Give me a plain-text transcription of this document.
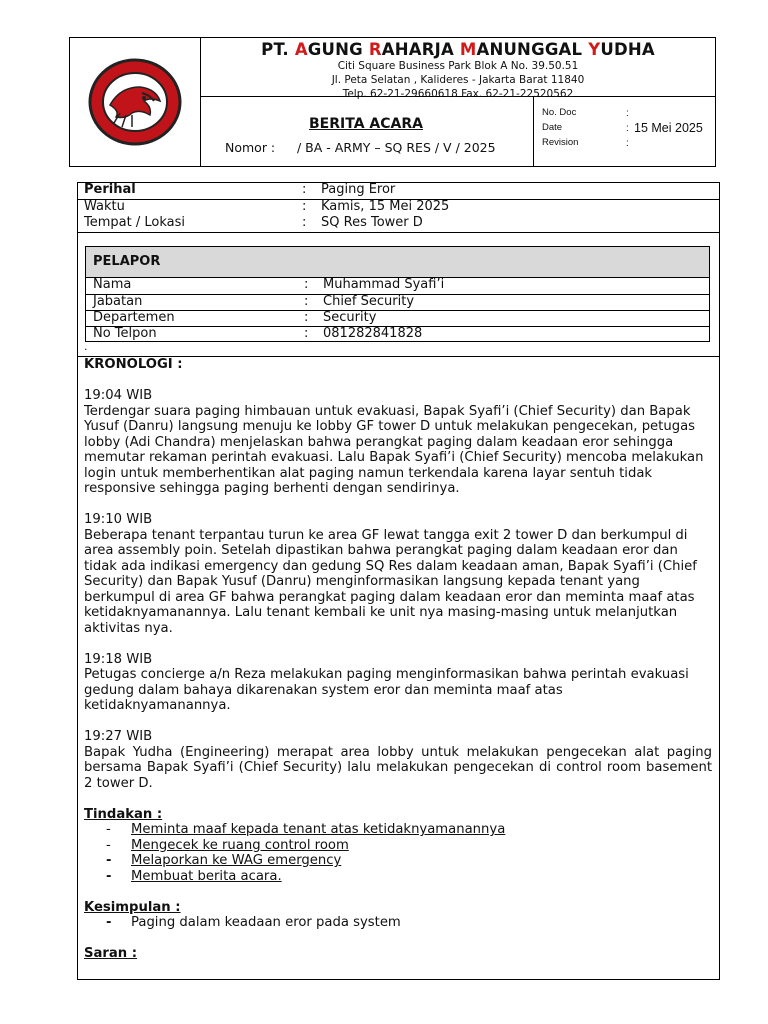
PT. AGUNG RAHARJA MANUNGGAL YUDHA
Citi Square Business Park Blok A No. 39.50.51
Jl. Peta Selatan , Kalideres - Jakarta Barat 11840
Telp. 62-21-29660618 Fax. 62-21-22520562
BERITA ACARA
Nomor : / BA - ARMY – SQ RES / V / 2025
No. Doc	:
Date	: 15 Mei 2025
Revision	:
Perihal	: Paging Eror
Waktu	: Kamis, 15 Mei 2025
Tempat / Lokasi	: SQ Res Tower D
PELAPOR
Nama	: Muhammad Syafi’i
Jabatan	: Chief Security
Departemen	: Security
No Telpon	: 081282841828
.

KRONOLOGI :

19:04 WIB

Terdengar suara paging himbauan untuk evakuasi, Bapak Syafi’i (Chief Security) dan Bapak Yusuf (Danru) langsung menuju ke lobby GF tower D untuk melakukan pengecekan, petugas lobby (Adi Chandra) menjelaskan bahwa perangkat paging dalam keadaan eror sehingga memutar rekaman perintah evakuasi. Lalu Bapak Syafi’i (Chief Security) mencoba melakukan login untuk memberhentikan alat paging namun terkendala karena layar sentuh tidak responsive sehingga paging berhenti dengan sendirinya.

19:10 WIB

Beberapa tenant terpantau turun ke area GF lewat tangga exit 2 tower D dan berkumpul di area assembly poin. Setelah dipastikan bahwa perangkat paging dalam keadaan eror dan tidak ada indikasi emergency dan gedung SQ Res dalam keadaan aman, Bapak Syafi’i (Chief Security) dan Bapak Yusuf (Danru) menginformasikan langsung kepada tenant yang berkumpul di area GF bahwa perangkat paging dalam keadaan eror dan meminta maaf atas ketidaknyamanannya. Lalu tenant kembali ke unit nya masing-masing untuk melanjutkan aktivitas nya.

19:18 WIB

Petugas concierge a/n Reza melakukan paging menginformasikan bahwa perintah evakuasi gedung dalam bahaya dikarenakan system eror dan meminta maaf atas ketidaknyamanannya.

19:27 WIB

Bapak Yudha (Engineering) merapat area lobby untuk melakukan pengecekan alat paging bersama Bapak Syafi’i (Chief Security) lalu melakukan pengecekan di control room basement 2 tower D.

Tindakan :

- Meminta maaf kepada tenant atas ketidaknyamanannya
- Mengecek ke ruang control room
- Melaporkan ke WAG emergency
- Membuat berita acara.

Kesimpulan :

- Paging dalam keadaan eror pada system

Saran :
